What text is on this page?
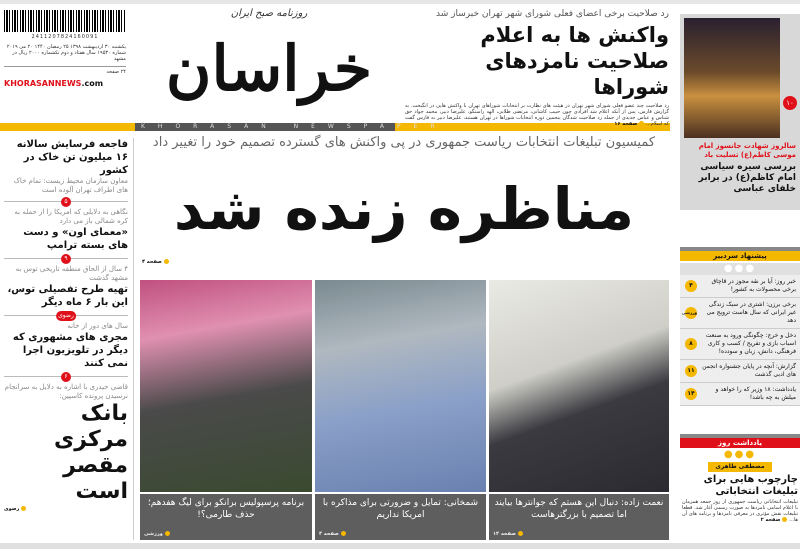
2411207824160091
یکشنبه ۳۰ اردیبهشت ۱۳۹۸ ۲۵ رمضان ۱۴۴۰ ۲۰ می ۲۰۱۹ شماره ۱۹۵۳۰ سال هفتاد و دوم تکشماره ۲۰۰۰ ریال در مشهد
۲۴ صفحه
KHORASANNEWS.com
روزنامه صبح ایران
خراسان
KHORASAN NEWSPAPER
رد صلاحیت برخی اعضای فعلی شورای شهر تهران خبرساز شد
واکنش ها به اعلام صلاحیت نامزدهای شوراها
رد صلاحیت چند عضو فعلی شورای شهر تهران در هیئت های نظارت بر انتخابات شوراهای تهران با واکنش هایی در انگیخت. به گزارش فارس، پس از آنکه اعلام شد افرادی چون حبیب کاشانی، مرتضی طلایی، الهه راستگو، علیرضا دبیر، محمد جواد حق شناس و عباس جدیدی از جمله رد صلاحیت شدگان پنجمین دوره انتخابات شوراها در تهران هستند، علیرضا دبیر به فارس گفت که اسلام... صفحه ۱۶
کمیسیون تبلیغات انتخابات ریاست جمهوری در پی واکنش های گسترده تصمیم خود را تغییر داد
مناظره زنده شد
صفحه ۴
نعمت زاده: دنبال این هستم که جوانترها بیایند اما تصمیم با بزرگترهاست
صفحه ۱۴
شمخانی: تمایل و ضرورتی برای مذاکره با امریکا نداریم
صفحه ۴
برنامه پرسپولیس برانکو برای لیگ هفدهم؛ حذف طارمی؟!
ورزشی
فاجعه فرسایش سالانه ۱۶ میلیون تن خاک در کشور
معاون سازمان محیط زیست: تمام خاک های اطراف تهران آلوده است
۵
نگاهی به دلایلی که امریکا را از حمله به کره شمالی باز می دارد
«معمای اون» و دست های بسته ترامپ
۹
۴ سال از الحاق منطقه تاریخی توس به مشهد گذشت
تهیه طرح تفصیلی توس، این بار ۶ ماه دیگر
رضوی
سال های دور از خانه
مجری های مشهوری که دیگر در تلویزیون اجرا نمی کنند
۶
قاضی حیدری با اشاره به دلایل به سرانجام نرسیدن پرونده کاسپین:
بانک مرکزی مقصر است
رضوی
۱۰
سالروز شهادت جانسوز امام موسی کاظم(ع) تسلیت باد
بررسی سیره سیاسی امام کاظم(ع) در برابر خلفای عباسی
پیشنهاد سردبیر
●●●
خبر روز: آیا بر نقه مجوز در قاچاق برخی محصولات به کشور!
۴
برخی برزن: اشتری در سبک زندگی غیر ایرانی که سال هاست ترویج می دهد
ورزشی
دخل و خرج: چگونگی ورود به صنعت اسباب بازی و تفریح / کسب و کاری فرهنگی، دانش، زبان و سودده!
۸
گزارش: آنچه در پایان جشنواره انجمن های ادبی گذشت
۱۱
یادداشت: ۱۸ وزیر که را خواهد و میلش به چه باشد!
۱۴
یادداشت روز
●●●
مصطفی طاهری
چارچوب هایی برای تبلیغات انتخاباتی
تبلیغات انتخاباتی ریاست جمهوری از روز جمعه همزمان با اعلام اسامی نامزدها به صورت رسمی آغاز شد. قطعا تبلیغات نقش مؤثری در معرفی نامزدها و برنامه های آن ها... صفحه ۲
